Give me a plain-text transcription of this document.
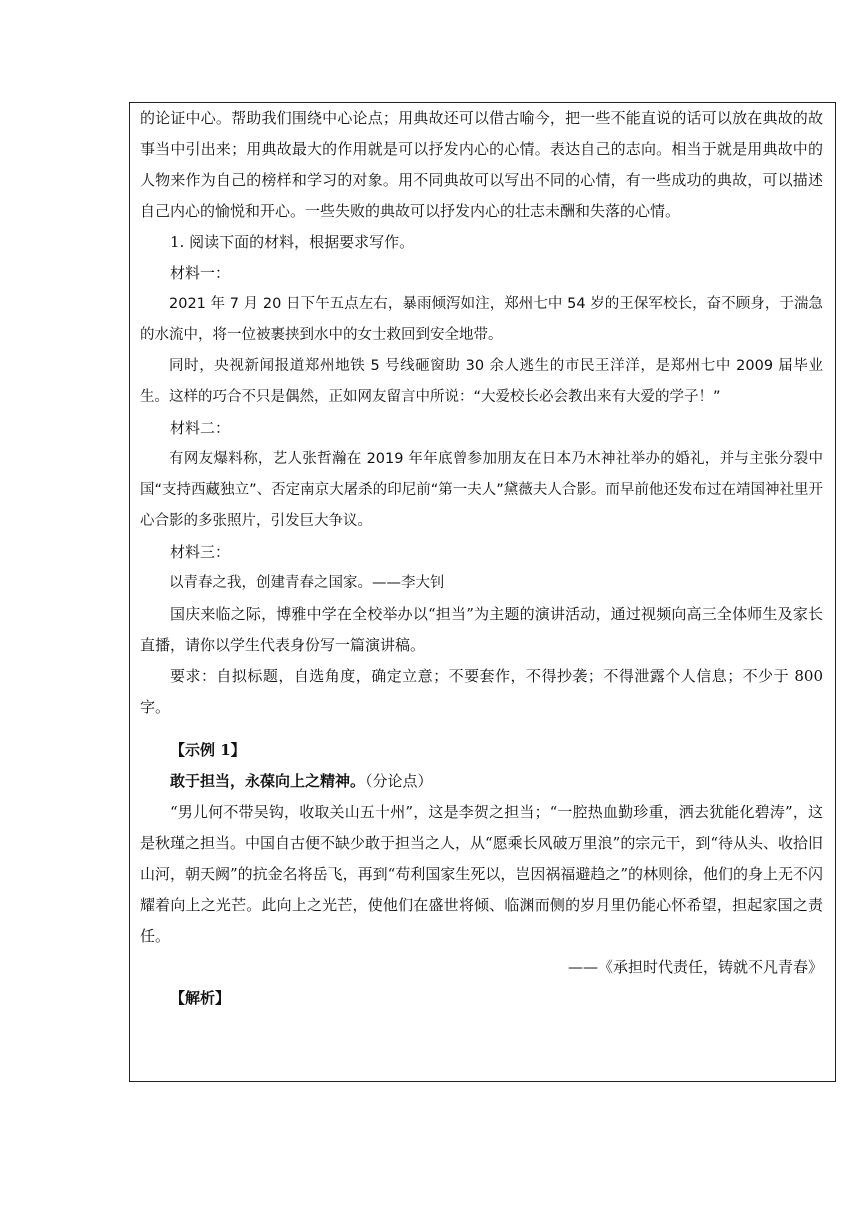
的论证中心。帮助我们围绕中心论点；用典故还可以借古喻今，把一些不能直说的话可以放在典故的故事当中引出来；用典故最大的作用就是可以抒发内心的心情。表达自己的志向。相当于就是用典故中的人物来作为自己的榜样和学习的对象。用不同典故可以写出不同的心情，有一些成功的典故，可以描述自己内心的愉悦和开心。一些失败的典故可以抒发内心的壮志未酬和失落的心情。

1. 阅读下面的材料，根据要求写作。

材料一：

2021 年 7 月 20 日下午五点左右，暴雨倾泻如注，郑州七中 54 岁的王保军校长，奋不顾身，于湍急的水流中，将一位被裹挟到水中的女士救回到安全地带。

同时，央视新闻报道郑州地铁 5 号线砸窗助 30 余人逃生的市民王洋洋，是郑州七中 2009 届毕业生。这样的巧合不只是偶然，正如网友留言中所说：“大爱校长必会教出来有大爱的学子！”

材料二：

有网友爆料称，艺人张哲瀚在 2019 年年底曾参加朋友在日本乃木神社举办的婚礼，并与主张分裂中国“支持西藏独立”、否定南京大屠杀的印尼前“第一夫人”黛薇夫人合影。而早前他还发布过在靖国神社里开心合影的多张照片，引发巨大争议。

材料三：

以青春之我，创建青春之国家。——李大钊

国庆来临之际，博雅中学在全校举办以“担当”为主题的演讲活动，通过视频向高三全体师生及家长直播，请你以学生代表身份写一篇演讲稿。

要求：自拟标题，自选角度，确定立意；不要套作，不得抄袭；不得泄露个人信息；不少于 800 字。

【示例 1】

敢于担当，永葆向上之精神。（分论点）

“男儿何不带吴钩，收取关山五十州”，这是李贺之担当；“一腔热血勤珍重，洒去犹能化碧涛”，这是秋瑾之担当。中国自古便不缺少敢于担当之人，从“愿乘长风破万里浪”的宗元干，到“待从头、收拾旧山河，朝天阙”的抗金名将岳飞，再到“苟利国家生死以，岂因祸福避趋之”的林则徐，他们的身上无不闪耀着向上之光芒。此向上之光芒，使他们在盛世将倾、临渊而侧的岁月里仍能心怀希望，担起家国之责任。

——《承担时代责任，铸就不凡青春》

【解析】
